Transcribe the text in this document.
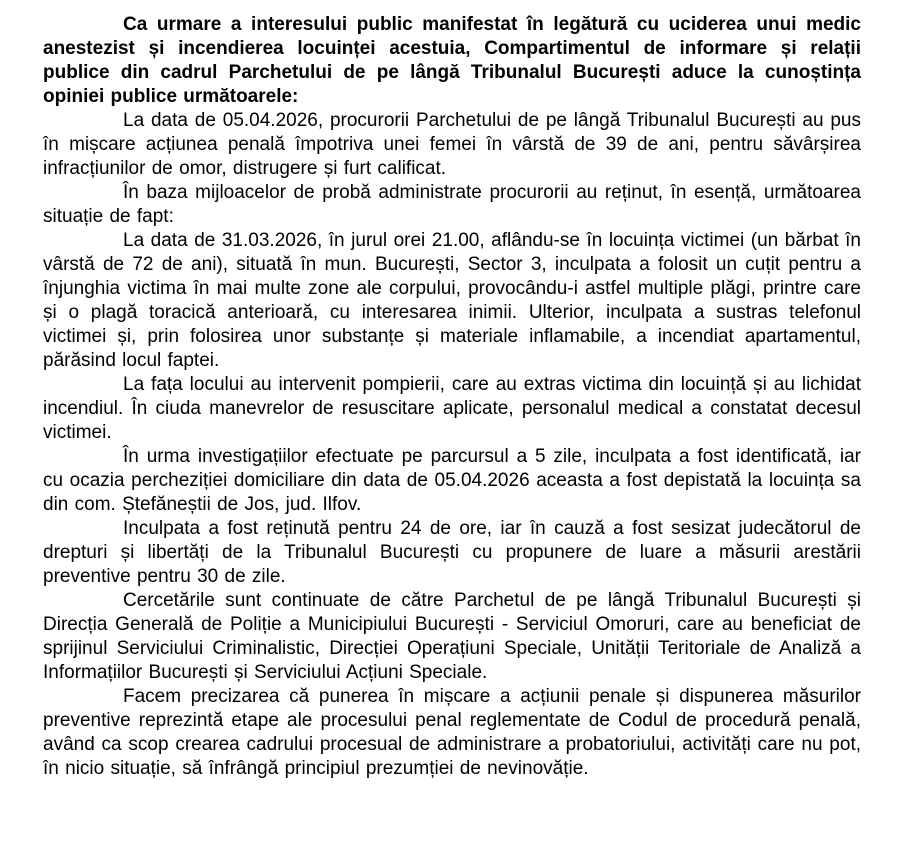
Ca urmare a interesului public manifestat în legătură cu uciderea unui medic anestezist și incendierea locuinței acestuia, Compartimentul de informare și relații publice din cadrul Parchetului de pe lângă Tribunalul București aduce la cunoștința opiniei publice următoarele:

La data de 05.04.2026, procurorii Parchetului de pe lângă Tribunalul București au pus în mișcare acțiunea penală împotriva unei femei în vârstă de 39 de ani, pentru săvârșirea infracțiunilor de omor, distrugere și furt calificat.

În baza mijloacelor de probă administrate procurorii au reținut, în esență, următoarea situație de fapt:

La data de 31.03.2026, în jurul orei 21.00, aflându-se în locuința victimei (un bărbat în vârstă de 72 de ani), situată în mun. București, Sector 3, inculpata a folosit un cuțit pentru a înjunghia victima în mai multe zone ale corpului, provocându-i astfel multiple plăgi, printre care și o plagă toracică anterioară, cu interesarea inimii. Ulterior, inculpata a sustras telefonul victimei și, prin folosirea unor substanțe și materiale inflamabile, a incendiat apartamentul, părăsind locul faptei.

La fața locului au intervenit pompierii, care au extras victima din locuință și au lichidat incendiul. În ciuda manevrelor de resuscitare aplicate, personalul medical a constatat decesul victimei.

În urma investigațiilor efectuate pe parcursul a 5 zile, inculpata a fost identificată, iar cu ocazia percheziției domiciliare din data de 05.04.2026 aceasta a fost depistată la locuința sa din com. Ștefăneștii de Jos, jud. Ilfov.

Inculpata a fost reținută pentru 24 de ore, iar în cauză a fost sesizat judecătorul de drepturi și libertăți de la Tribunalul București cu propunere de luare a măsurii arestării preventive pentru 30 de zile.

Cercetările sunt continuate de către Parchetul de pe lângă Tribunalul București și Direcția Generală de Poliție a Municipiului București - Serviciul Omoruri, care au beneficiat de sprijinul Serviciului Criminalistic, Direcției Operațiuni Speciale, Unității Teritoriale de Analiză a Informațiilor București și Serviciului Acțiuni Speciale.

Facem precizarea că punerea în mișcare a acțiunii penale și dispunerea măsurilor preventive reprezintă etape ale procesului penal reglementate de Codul de procedură penală, având ca scop crearea cadrului procesual de administrare a probatoriului, activități care nu pot, în nicio situație, să înfrângă principiul prezumției de nevinovăție.
